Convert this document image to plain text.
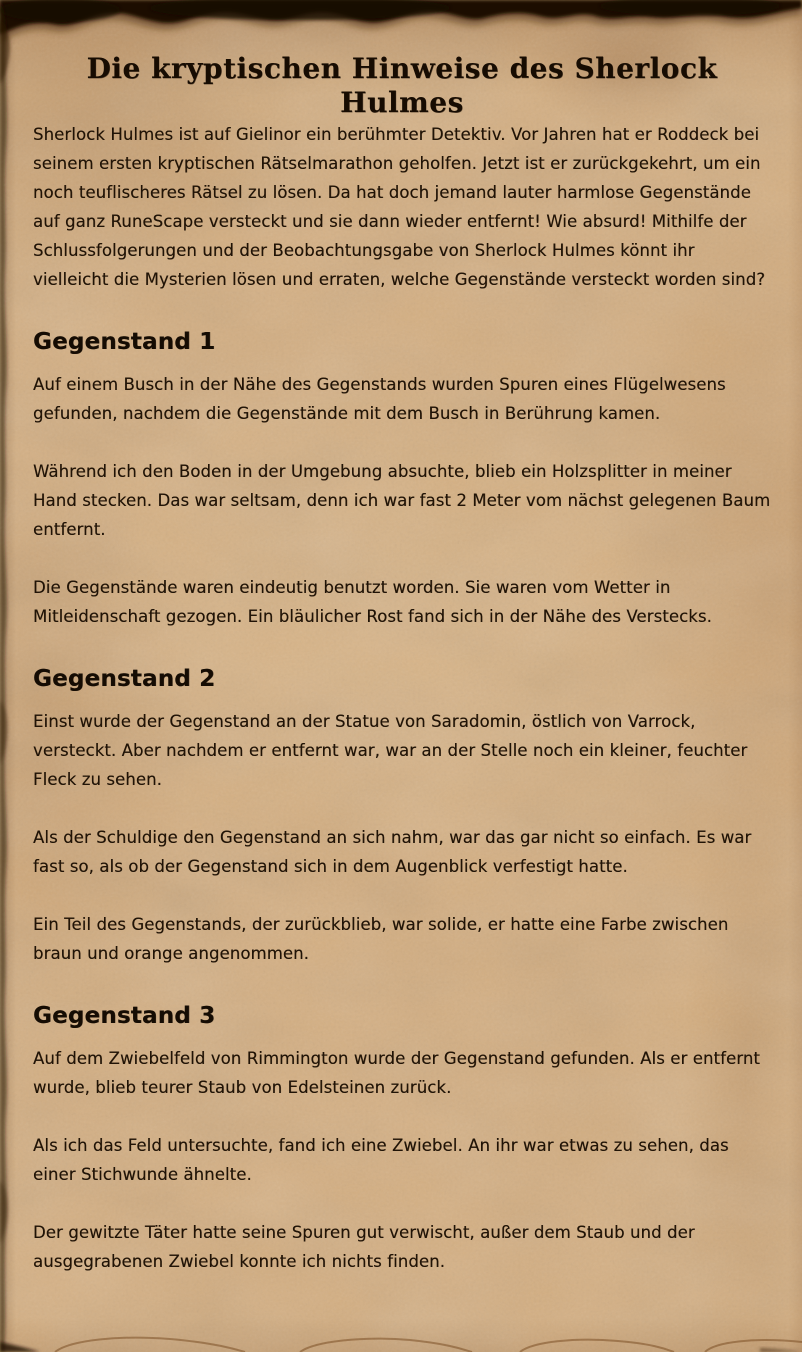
Die kryptischen Hinweise des Sherlock Hulmes

Sherlock Hulmes ist auf Gielinor ein berühmter Detektiv. Vor Jahren hat er Roddeck bei seinem ersten kryptischen Rätselmarathon geholfen. Jetzt ist er zurückgekehrt, um ein noch teuflischeres Rätsel zu lösen. Da hat doch jemand lauter harmlose Gegenstände auf ganz RuneScape versteckt und sie dann wieder entfernt! Wie absurd! Mithilfe der Schlussfolgerungen und der Beobachtungsgabe von Sherlock Hulmes könnt ihr vielleicht die Mysterien lösen und erraten, welche Gegenstände versteckt worden sind?

Gegenstand 1

Auf einem Busch in der Nähe des Gegenstands wurden Spuren eines Flügelwesens gefunden, nachdem die Gegenstände mit dem Busch in Berührung kamen.

Während ich den Boden in der Umgebung absuchte, blieb ein Holzsplitter in meiner Hand stecken. Das war seltsam, denn ich war fast 2 Meter vom nächst gelegenen Baum entfernt.

Die Gegenstände waren eindeutig benutzt worden. Sie waren vom Wetter in Mitleidenschaft gezogen. Ein bläulicher Rost fand sich in der Nähe des Verstecks.

Gegenstand 2

Einst wurde der Gegenstand an der Statue von Saradomin, östlich von Varrock, versteckt. Aber nachdem er entfernt war, war an der Stelle noch ein kleiner, feuchter Fleck zu sehen.

Als der Schuldige den Gegenstand an sich nahm, war das gar nicht so einfach. Es war fast so, als ob der Gegenstand sich in dem Augenblick verfestigt hatte.

Ein Teil des Gegenstands, der zurückblieb, war solide, er hatte eine Farbe zwischen braun und orange angenommen.

Gegenstand 3

Auf dem Zwiebelfeld von Rimmington wurde der Gegenstand gefunden. Als er entfernt wurde, blieb teurer Staub von Edelsteinen zurück.

Als ich das Feld untersuchte, fand ich eine Zwiebel. An ihr war etwas zu sehen, das einer Stichwunde ähnelte.

Der gewitzte Täter hatte seine Spuren gut verwischt, außer dem Staub und der ausgegrabenen Zwiebel konnte ich nichts finden.
